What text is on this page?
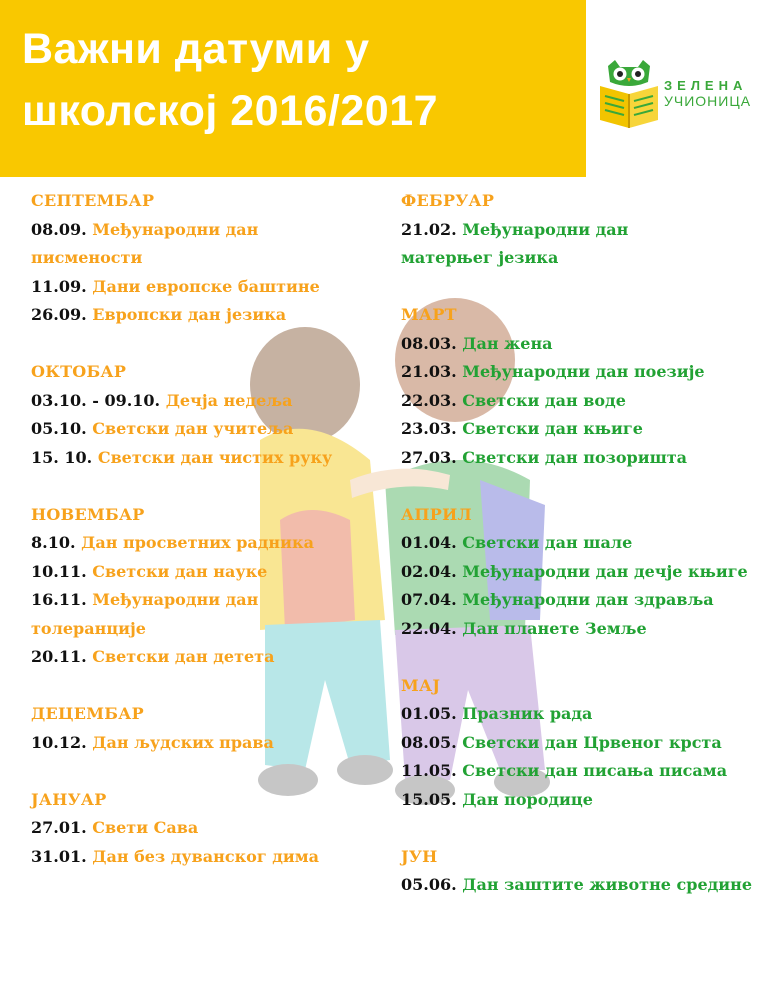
Важни датуми у
школској 2016/2017
ЗЕЛЕНА
УЧИОНИЦА
СЕПТЕМБАР
08.09. Међународни дан
писмености
11.09. Дани европске баштине
26.09. Европски дан језика
ОКТОБАР
03.10. - 09.10. Дечја недеља
05.10. Светски дан учитеља
15. 10. Светски дан чистих руку
НОВЕМБАР
8.10. Дан просветних радника
10.11. Светски дан науке
16.11. Међународни дан
толеранције
20.11. Светски дан детета
ДЕЦЕМБАР
10.12. Дан људских права
ЈАНУАР
27.01. Свети Сава
31.01. Дан без дуванског дима
ФЕБРУАР
21.02. Међународни дан
матерњег језика
МАРТ
08.03. Дан жена
21.03. Међународни дан поезије
22.03. Светски дан воде
23.03. Светски дан књиге
27.03. Светски дан позоришта
АПРИЛ
01.04. Светски дан шале
02.04. Међународни дан дечје књиге
07.04. Међународни дан здравља
22.04. Дан планете Земље
МАЈ
01.05. Празник рада
08.05. Светски дан Црвеног крста
11.05. Светски дан писања писама
15.05. Дан породице
ЈУН
05.06. Дан заштите животне средине
